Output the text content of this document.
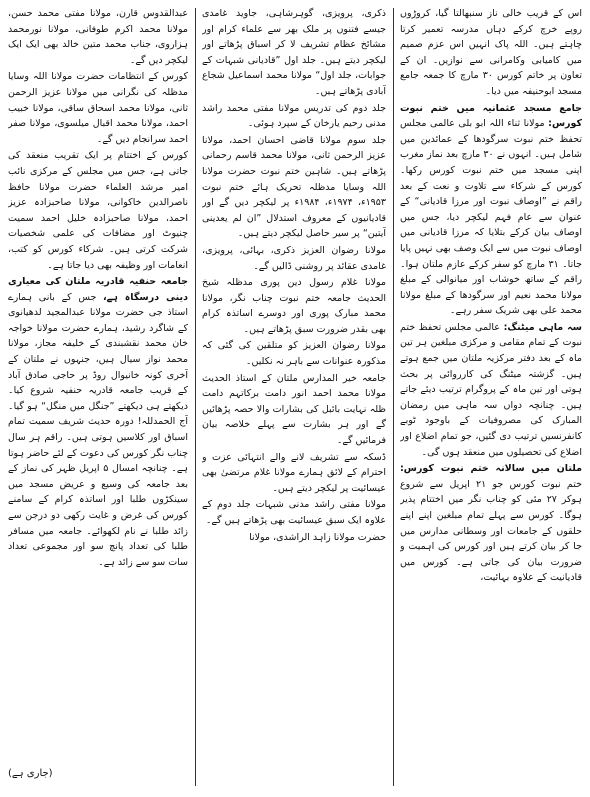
اس کے قریب خالی ناز سنبھالتا گیا، کروڑوں روپے خرچ کرکے دہاں مدرسہ تعمیر کرتا چاہتے ہیں۔ اللہ پاک انہیں اس عزم صمیم میں کامیابی وکامرانی سے نوازیں۔ ان کے تعاون پر خاتم کورس ۳۰ مارچ کا جمعہ جامع مسجد ابوحنیفہ میں دیا۔

جامع مسجد عثمانیہ میں ختم نبوت کورس: مولانا ثناء اللہ ابو بلی عالمی مجلس تحفظ ختم نبوت سرگودھا کے عمائدین میں شامل ہیں۔ انہوں نے ۳۰ مارچ بعد نماز مغرب اپنی مسجد میں ختم نبوت کورس رکھا۔ کورس کے شرکاء سے تلاوت و نعت کے بعد راقم نے ”اوصاف نبوت اور مرزا قادیانی“ کے عنوان سے عام فہم لیکچر دیا، جس میں اوصاف بیان کرکے بتلایا کہ مرزا قادیانی میں اوصاف نبوت میں سے ایک وصف بھی نہیں پایا جاتا۔ ۳۱ مارچ کو سفر کرکے عازم ملتان ہوا۔ راقم کے ساتھ خوشاب اور میانوالی کے مبلغ مولانا محمد نعیم اور سرگودھا کے مبلغ مولانا محمد علی بھی شریک سفر رہے۔

سہ ماہی میٹنگ: عالمی مجلس تحفظ ختم نبوت کے تمام مقامی و مرکزی مبلغین ہر تین ماہ کے بعد دفتر مرکزیہ ملتان میں جمع ہوتے ہیں۔ گزشتہ میٹنگ کی کارروائی پر بحث ہوتی اور تین ماہ کے پروگرام ترتیب دیئے جاتے ہیں۔ چنانچہ دواں سہ ماہی میں رمضان المبارک کی مصروفیات کے باوجود ٹوبے کانفرنسیں ترتیب دی گئیں، جو تمام اضلاع اور اضلاع کی تحصیلوں میں منعقد ہوں گی۔

ملتان میں سالانہ ختم نبوت کورس: ختم نبوت کورس جو ۲۱ اپریل سے شروع ہوکر ۲۷ مئی کو چناب نگر میں اختتام پذیر ہوگا۔ کورس سے پہلے تمام مبلغین اپنے اپنے حلقوں کے جامعات اور وسطانی مدارس میں جا کر بیان کرتے ہیں اور کورس کی اہمیت و ضرورت بیان کی جاتی ہے۔ کورس میں قادیانیت کے علاوہ بہائیت،

ذکری، پرویزی، گوہرشاہی، جاوید غامدی جیسے فتنوں پر ملک بھر سے علماء کرام اور مشائخ عظام تشریف لا کر اسباق پڑھاتے اور لیکچر دیتے ہیں۔ جلد اول ”قادیانی شبہات کے جوابات، جلد اول“ مولانا محمد اسماعیل شجاع آبادی پڑھاتے ہیں۔

جلد دوم کی تدریس مولانا مفتی محمد راشد مدنی رحیم یارخان کے سپرد ہوئی۔

جلد سوم مولانا قاضی احسان احمد، مولانا عزیز الرحمن ثانی، مولانا محمد قاسم رحمانی پڑھاتے ہیں۔ شاہین ختم نبوت حضرت مولانا اللہ وسایا مدظلہ تحریک ہائے ختم نبوت ۱۹۵۳ء، ۱۹۷۴ء، ۱۹۸۴ء پر لیکچر دیں گے اور قادیانیوں کے معروف استدلال ”ان لم یعدینی آیتین“ پر سیر حاصل لیکچر دیتے ہیں۔

مولانا رضوان العزیز ذکری، بہائی، پرویزی، غامدی عقائد پر روشنی ڈالیں گے۔

مولانا غلام رسول دین پوری مدظلہ شیخ الحدیث جامعہ ختم نبوت چناب نگر، مولانا محمد مبارک پوری اور دوسرے اساتذہ کرام بھی بقدر ضرورت سبق پڑھاتے ہیں۔

مولانا رضوان العزیز کو متلقین کی گئی کہ مذکورہ عنوانات سے باہر نہ نکلیں۔

جامعہ خیر المدارس ملتان کے استاذ الحدیث مولانا محمد احمد انور دامت برکاتہم دامت ظلہ نہایت بائبل کی بشارات والا حصہ پڑھائیں گے اور ہر بشارت سے پہلے خلاصہ بیان فرمائیں گے۔

ڈسکہ سے تشریف لانے والے انتہائی عزت و احترام کے لائق ہمارے مولانا غلام مرتضیٰ بھی عیسائیت پر لیکچر دیتے ہیں۔

مولانا مفتی راشد مدنی شبہات جلد دوم کے علاوہ ایک سبق عیسائیت بھی پڑھاتے ہیں گے۔

حضرت مولانا زاہد الراشدی، مولانا

عبدالقدوس قارن، مولانا مفتی محمد حسن، مولانا محمد اکرم طوفانی، مولانا نورمحمد ہزاروی، جناب محمد متین خالد بھی ایک ایک لیکچر دیں گے۔

کورس کے انتظامات حضرت مولانا اللہ وسایا مدظلہ کی نگرانی میں مولانا عزیز الرحمن ثانی، مولانا محمد اسحاق ساقی، مولانا خبیب احمد، مولانا محمد اقبال میلسوی، مولانا صفر احمد سرانجام دیں گے۔

کورس کے اختتام پر ایک تقریب منعقد کی جاتی ہے، جس میں مجلس کے مرکزی نائب امیر مرشد العلماء حضرت مولانا حافظ ناصرالدین خاکوانی، مولانا صاحبزادہ عزیز احمد، مولانا صاحبزادہ خلیل احمد سمیت چنیوٹ اور مضافات کی علمی شخصیات شرکت کرتی ہیں۔ شرکاء کورس کو کتب، انعامات اور وظیفہ بھی دیا جاتا ہے۔

جامعہ حنفیہ قادریہ ملتان کی معیاری دینی درسگاہ ہے، جس کے بانی ہمارے استاذ جی حضرت مولانا عبدالمجید لدھیانوی کے شاگرد رشید، ہمارے حضرت مولانا خواجہ خان محمد نقشبندی کے خلیفہ مجاز، مولانا محمد نواز سیال ہیں، جنہوں نے ملتان کے آخری کونہ خانیوال روڈ پر حاجی صادق آباد کے قریب جامعہ قادریہ حنفیہ شروع کیا۔ دیکھتے ہی دیکھتے ”جنگل میں منگل“ ہو گیا۔ آج الحمدللہ! دورہ حدیث شریف سمیت تمام اسباق اور کلاسیں ہوتی ہیں۔ راقم ہر سال چناب نگر کورس کی دعوت کے لئے حاضر ہوتا ہے۔ چنانچہ امسال ۵ اپریل ظہر کی نماز کے بعد جامعہ کی وسیع و عریض مسجد میں سینکڑوں طلبا اور اساتذہ کرام کے سامنے کورس کی غرض و غایت رکھی دو درجن سے زائد طلبا نے نام لکھوائے۔ جامعہ میں مسافر طلبا کی تعداد پانچ سو اور مجموعی تعداد سات سو سے زائد ہے۔

(جاری ہے)
